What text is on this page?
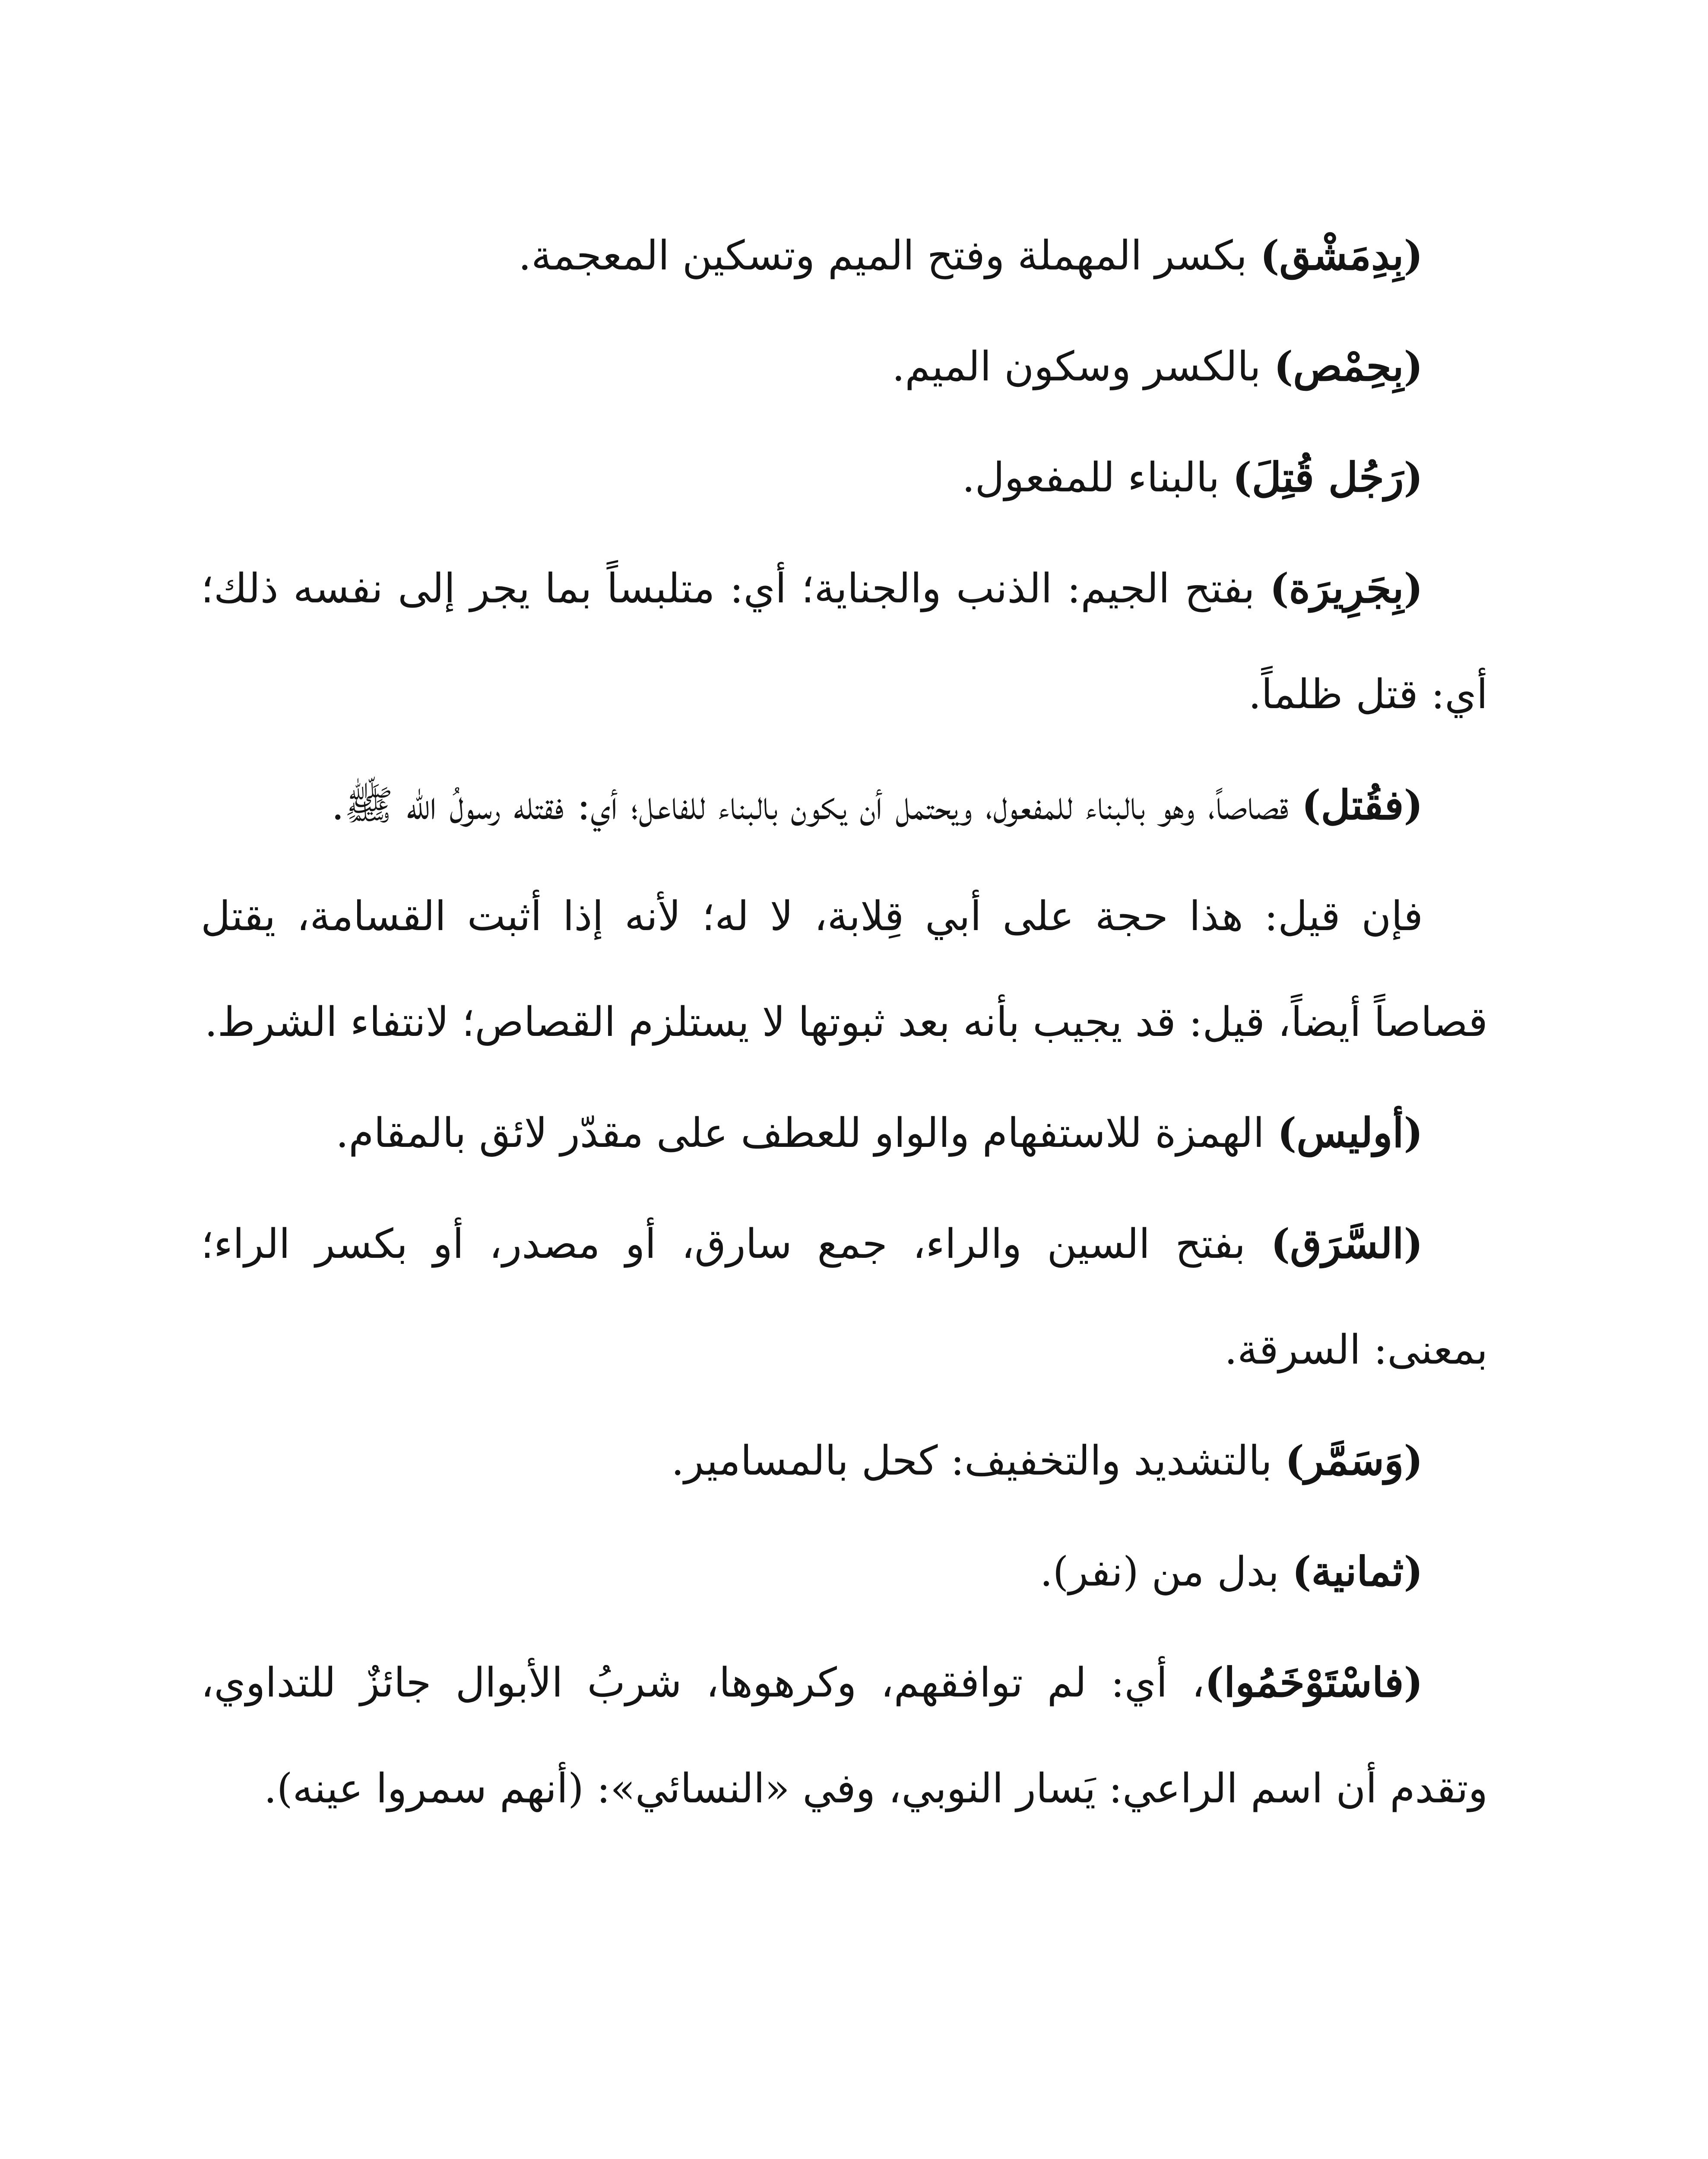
(بِدِمَشْق) بكسر المهملة وفتح الميم وتسكين المعجمة.

(بِحِمْص) بالكسر وسكون الميم.

(رَجُل قُتِلَ) بالبناء للمفعول.

(بِجَرِيرَة) بفتح الجيم: الذنب والجناية؛ أي: متلبساً بما يجر إلى نفسه ذلك؛ أي: قتل ظلماً.

(فقُتل) قصاصاً، وهو بالبناء للمفعول، ويحتمل أن يكون بالبناء للفاعل؛ أي: فقتله رسولُ الله ﷺ.

فإن قيل: هذا حجة على أبي قِلابة، لا له؛ لأنه إذا أثبت القسامة، يقتل قصاصاً أيضاً، قيل: قد يجيب بأنه بعد ثبوتها لا يستلزم القصاص؛ لانتفاء الشرط.

(أوليس) الهمزة للاستفهام والواو للعطف على مقدّر لائق بالمقام.

(السَّرَق) بفتح السين والراء، جمع سارق، أو مصدر، أو بكسر الراء؛ بمعنى: السرقة.

(وَسَمَّر) بالتشديد والتخفيف: كحل بالمسامير.

(ثمانية) بدل من (نفر).

(فاسْتَوْخَمُوا)، أي: لم توافقهم، وكرهوها، شربُ الأبوال جائزٌ للتداوي، وتقدم أن اسم الراعي: يَسار النوبي، وفي «النسائي»: (أنهم سمروا عينه).
